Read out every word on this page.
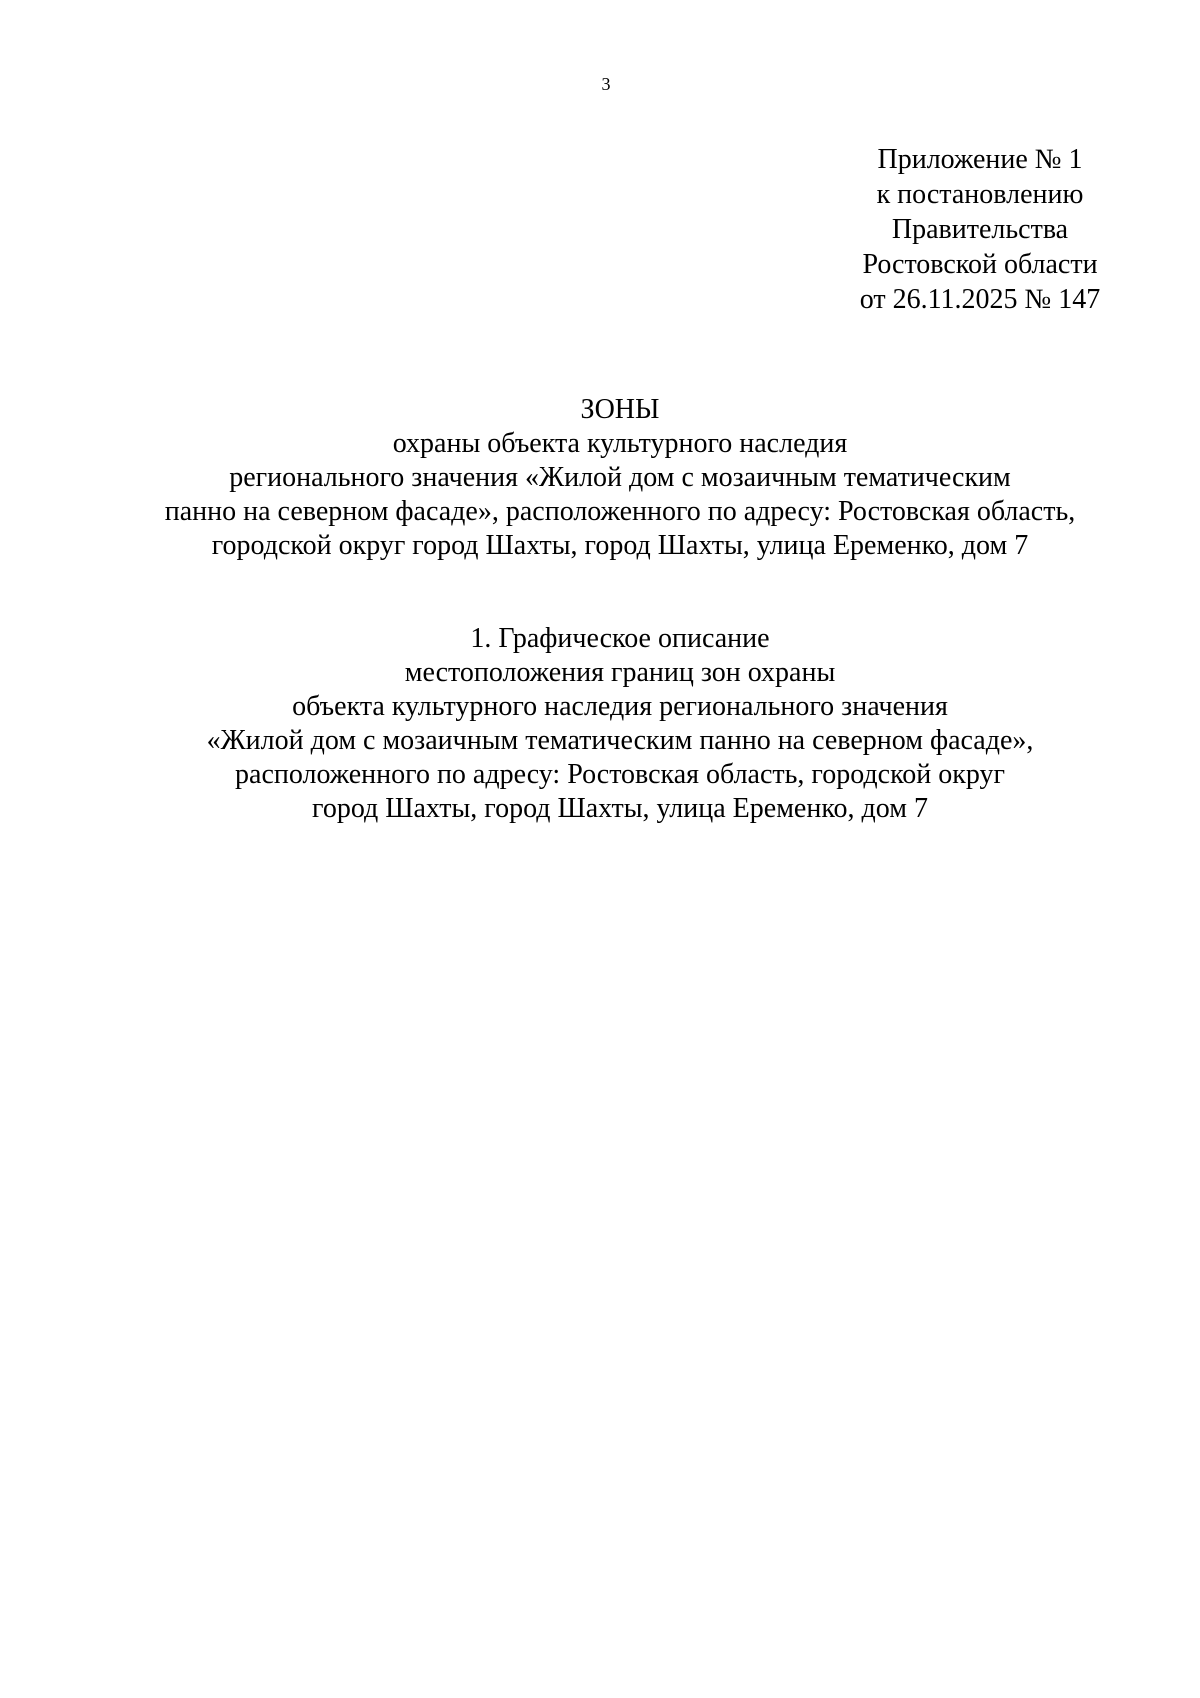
3
Приложение № 1
к постановлению
Правительства
Ростовской области
от 26.11.2025 № 147
ЗОНЫ
охраны объекта культурного наследия
регионального значения «Жилой дом с мозаичным тематическим
панно на северном фасаде», расположенного по адресу: Ростовская область,
городской округ город Шахты, город Шахты, улица Еременко, дом 7
1. Графическое описание
местоположения границ зон охраны
объекта культурного наследия регионального значения
«Жилой дом с мозаичным тематическим панно на северном фасаде»,
расположенного по адресу: Ростовская область, городской округ
город Шахты, город Шахты, улица Еременко, дом 7
